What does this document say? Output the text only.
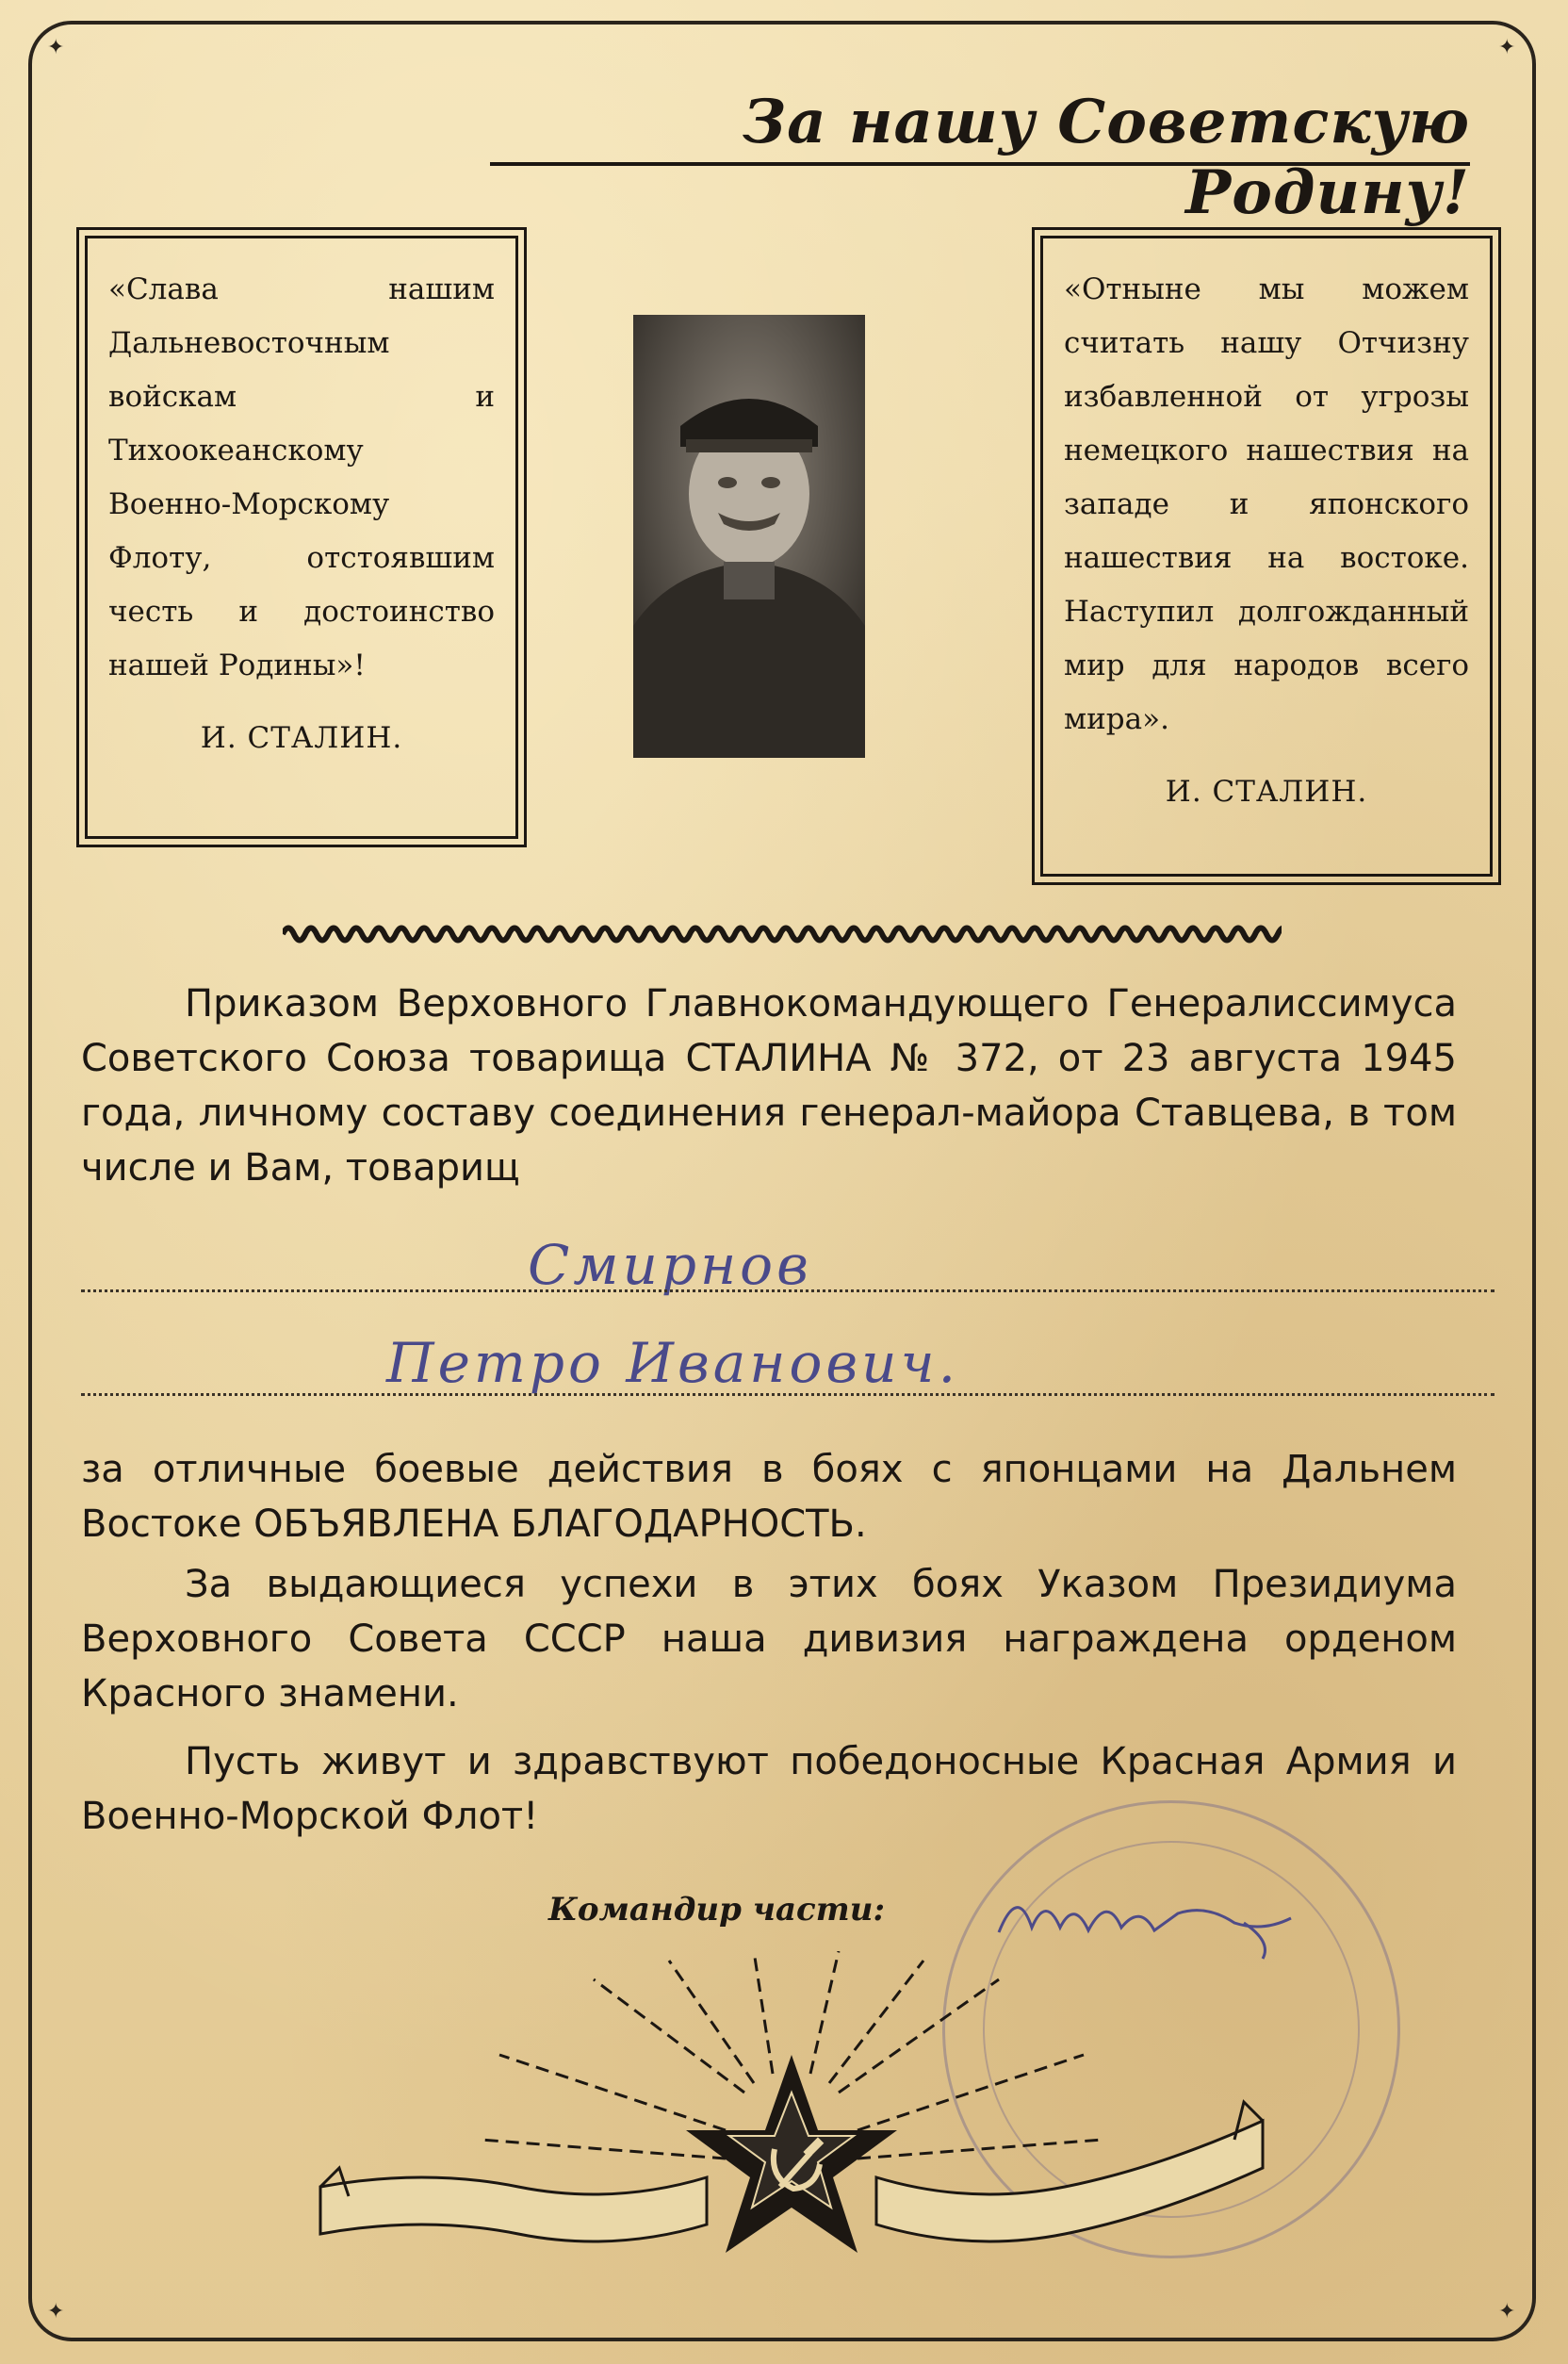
✦	✦
✦	✦
За нашу Советскую Родину!
«Слава нашим Дальневосточным войскам и Тихоокеанскому Военно-Морскому Флоту, отстоявшим честь и достоинство нашей Родины»!
И. СТАЛИН.
«Отныне мы можем считать нашу Отчизну избавленной от угрозы немецкого нашествия на западе и японского нашествия на востоке. Наступил долгожданный мир для народов всего мира».
И. СТАЛИН.
Приказом Верховного Главнокомандующего Генералиссимуса Советского Союза товарища СТАЛИНА № 372, от 23 августа 1945 года, личному составу соединения генерал-майора Ставцева, в том числе и Вам, товарищ
Смирнов
Петро Иванович.
за отличные боевые действия в боях с японцами на Дальнем Востоке ОБЪЯВЛЕНА БЛАГОДАРНОСТЬ.
За выдающиеся успехи в этих боях Указом Президиума Верховного Совета СССР наша дивизия награждена орденом Красного знамени.
Пусть живут и здравствуют победоносные Красная Армия и Военно-Морской Флот!
Командир части:
